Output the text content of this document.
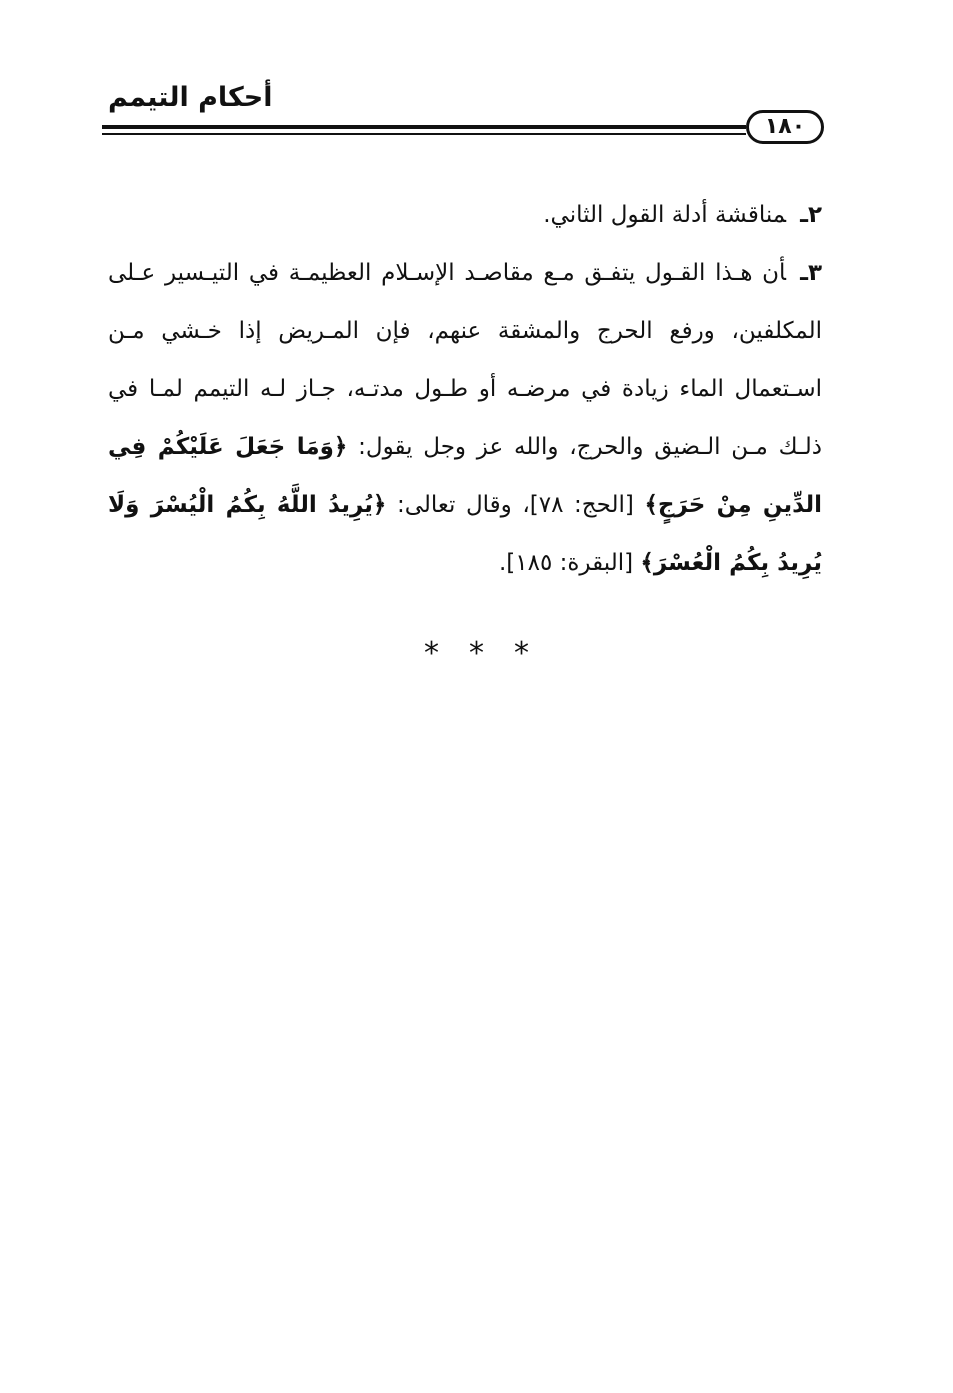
أحكام التيمم
١٨٠

٢ـمناقشة أدلة القول الثاني.

٣ـأن هـذا القـول يتفـق مـع مقاصـد الإسـلام العظيمـة في التيـسير عـلى المكلفين، ورفع الحرج والمشقة عنهم، فإن المـريض إذا خـشي مـن اسـتعمال الماء زيادة في مرضـه أو طـول مدتـه، جـاز لـه التيمم لمـا في ذلـك مـن الـضيق والحرج، والله عز وجل يقول: ﴿وَمَا جَعَلَ عَلَيْكُمْ فِي الدِّينِ مِنْ حَرَجٍ﴾ [الحج: ٧٨]، وقال تعالى: ﴿يُرِيدُ اللَّهُ بِكُمُ الْيُسْرَ وَلَا يُرِيدُ بِكُمُ الْعُسْرَ﴾ [البقرة: ١٨٥].

***
